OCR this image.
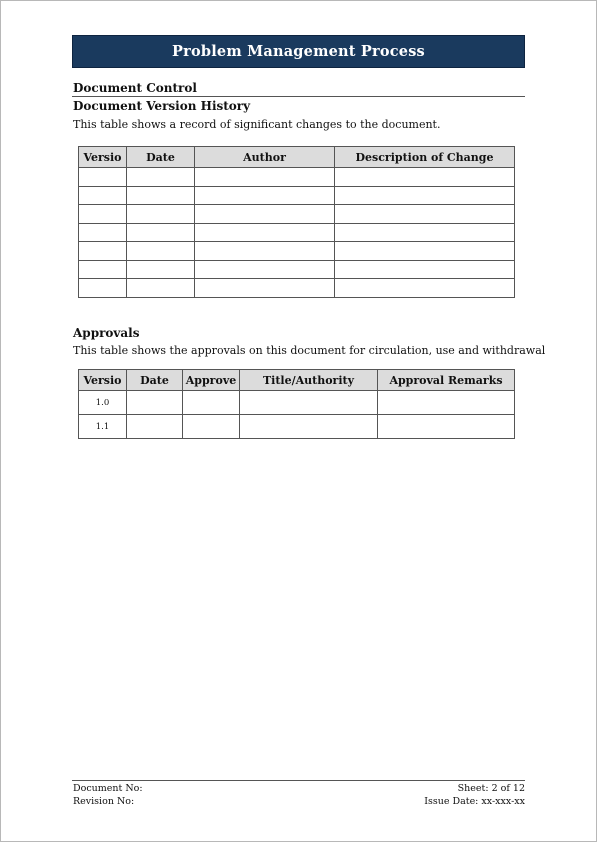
Problem Management Process
Document Control
Document Version History
This table shows a record of significant changes to the document.
Versio	Date	Author	Description of Change

Approvals
This table shows the approvals on this document for circulation, use and withdrawal
Versio	Date	Approve	Title/Authority	Approval Remarks
1.0				
1.1				
Document No:
Revision No:
Sheet: 2 of 12
Issue Date: xx-xxx-xx
